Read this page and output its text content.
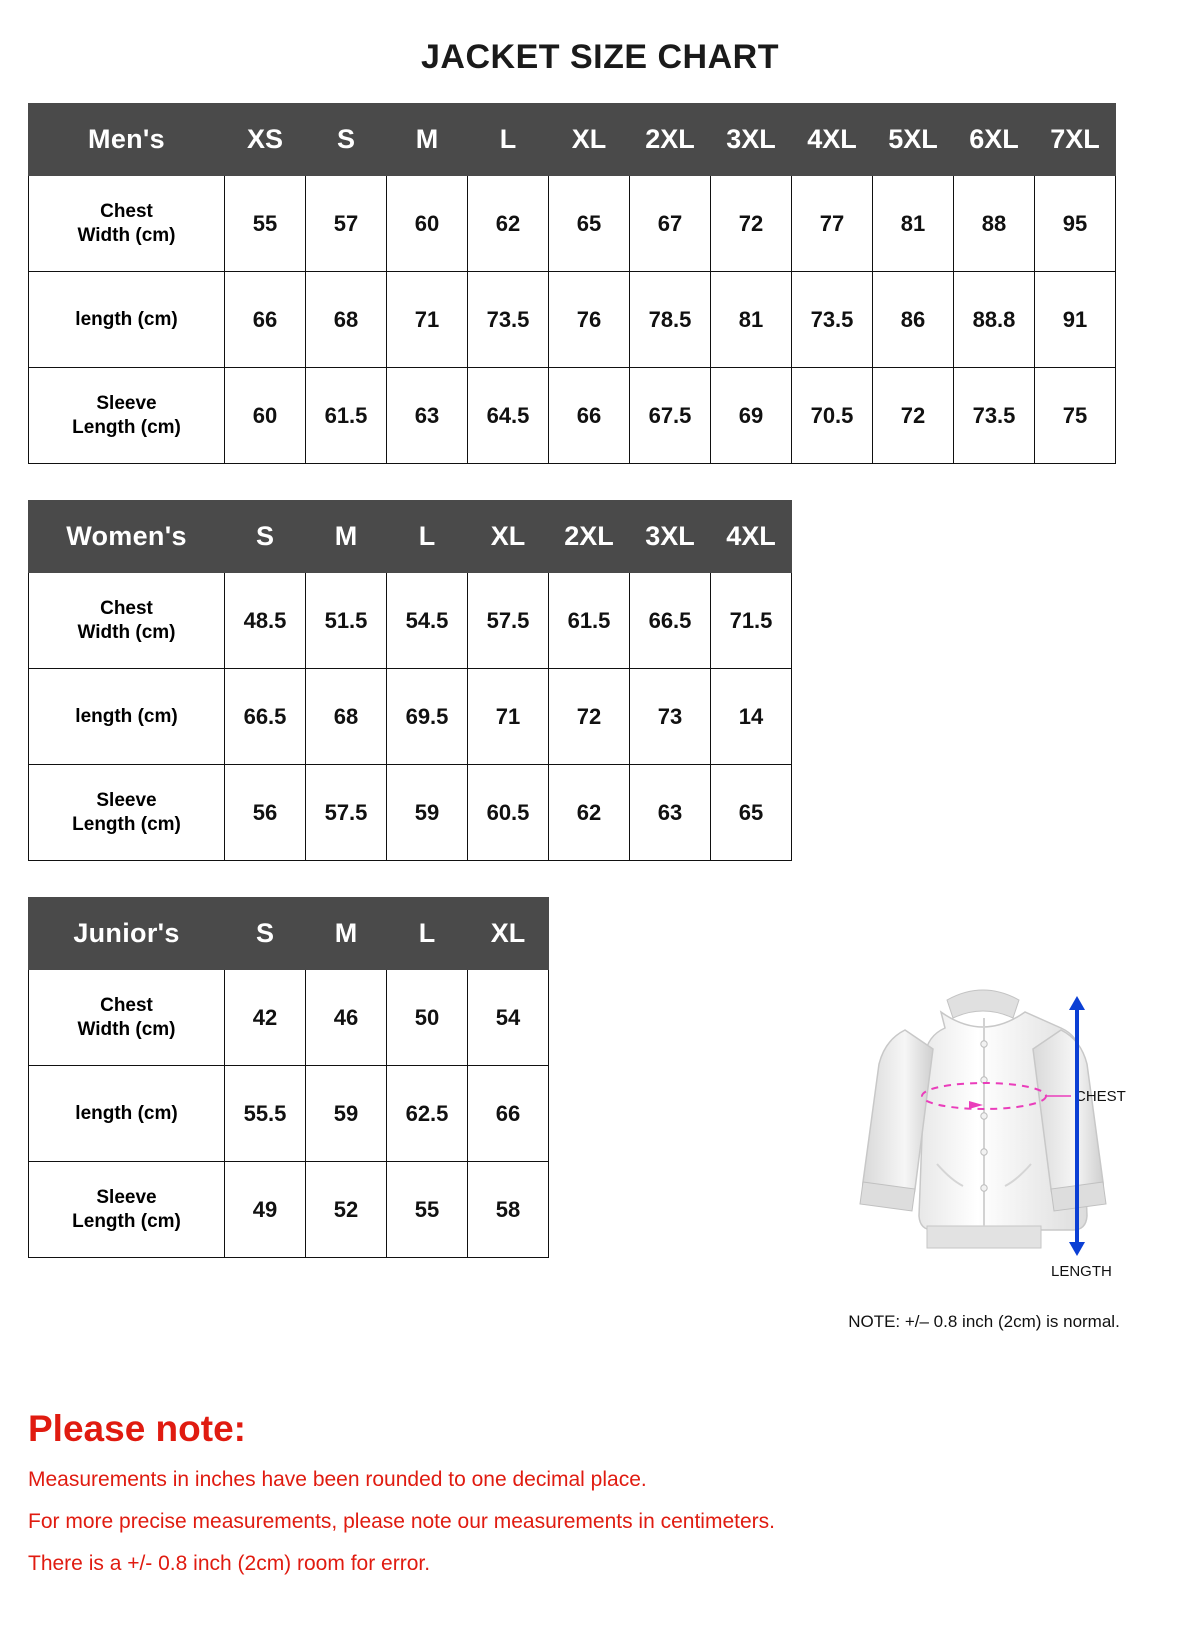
JACKET SIZE CHART
Men's	XS	S	M	L	XL	2XL	3XL	4XL	5XL	6XL	7XL
Chest
Width (cm)	55	57	60	62	65	67	72	77	81	88	95
length (cm)	66	68	71	73.5	76	78.5	81	73.5	86	88.8	91
Sleeve
Length (cm)	60	61.5	63	64.5	66	67.5	69	70.5	72	73.5	75
Women's	S	M	L	XL	2XL	3XL	4XL
Chest
Width (cm)	48.5	51.5	54.5	57.5	61.5	66.5	71.5
length (cm)	66.5	68	69.5	71	72	73	14
Sleeve
Length (cm)	56	57.5	59	60.5	62	63	65
Junior's	S	M	L	XL
Chest
Width (cm)	42	46	50	54
length (cm)	55.5	59	62.5	66
Sleeve
Length (cm)	49	52	55	58
CHEST
LENGTH
NOTE: +/– 0.8 inch (2cm) is normal.
Please note:

Measurements in inches have been rounded to one decimal place.

For more precise measurements, please note our measurements in centimeters.

There is a +/- 0.8 inch (2cm) room for error.
